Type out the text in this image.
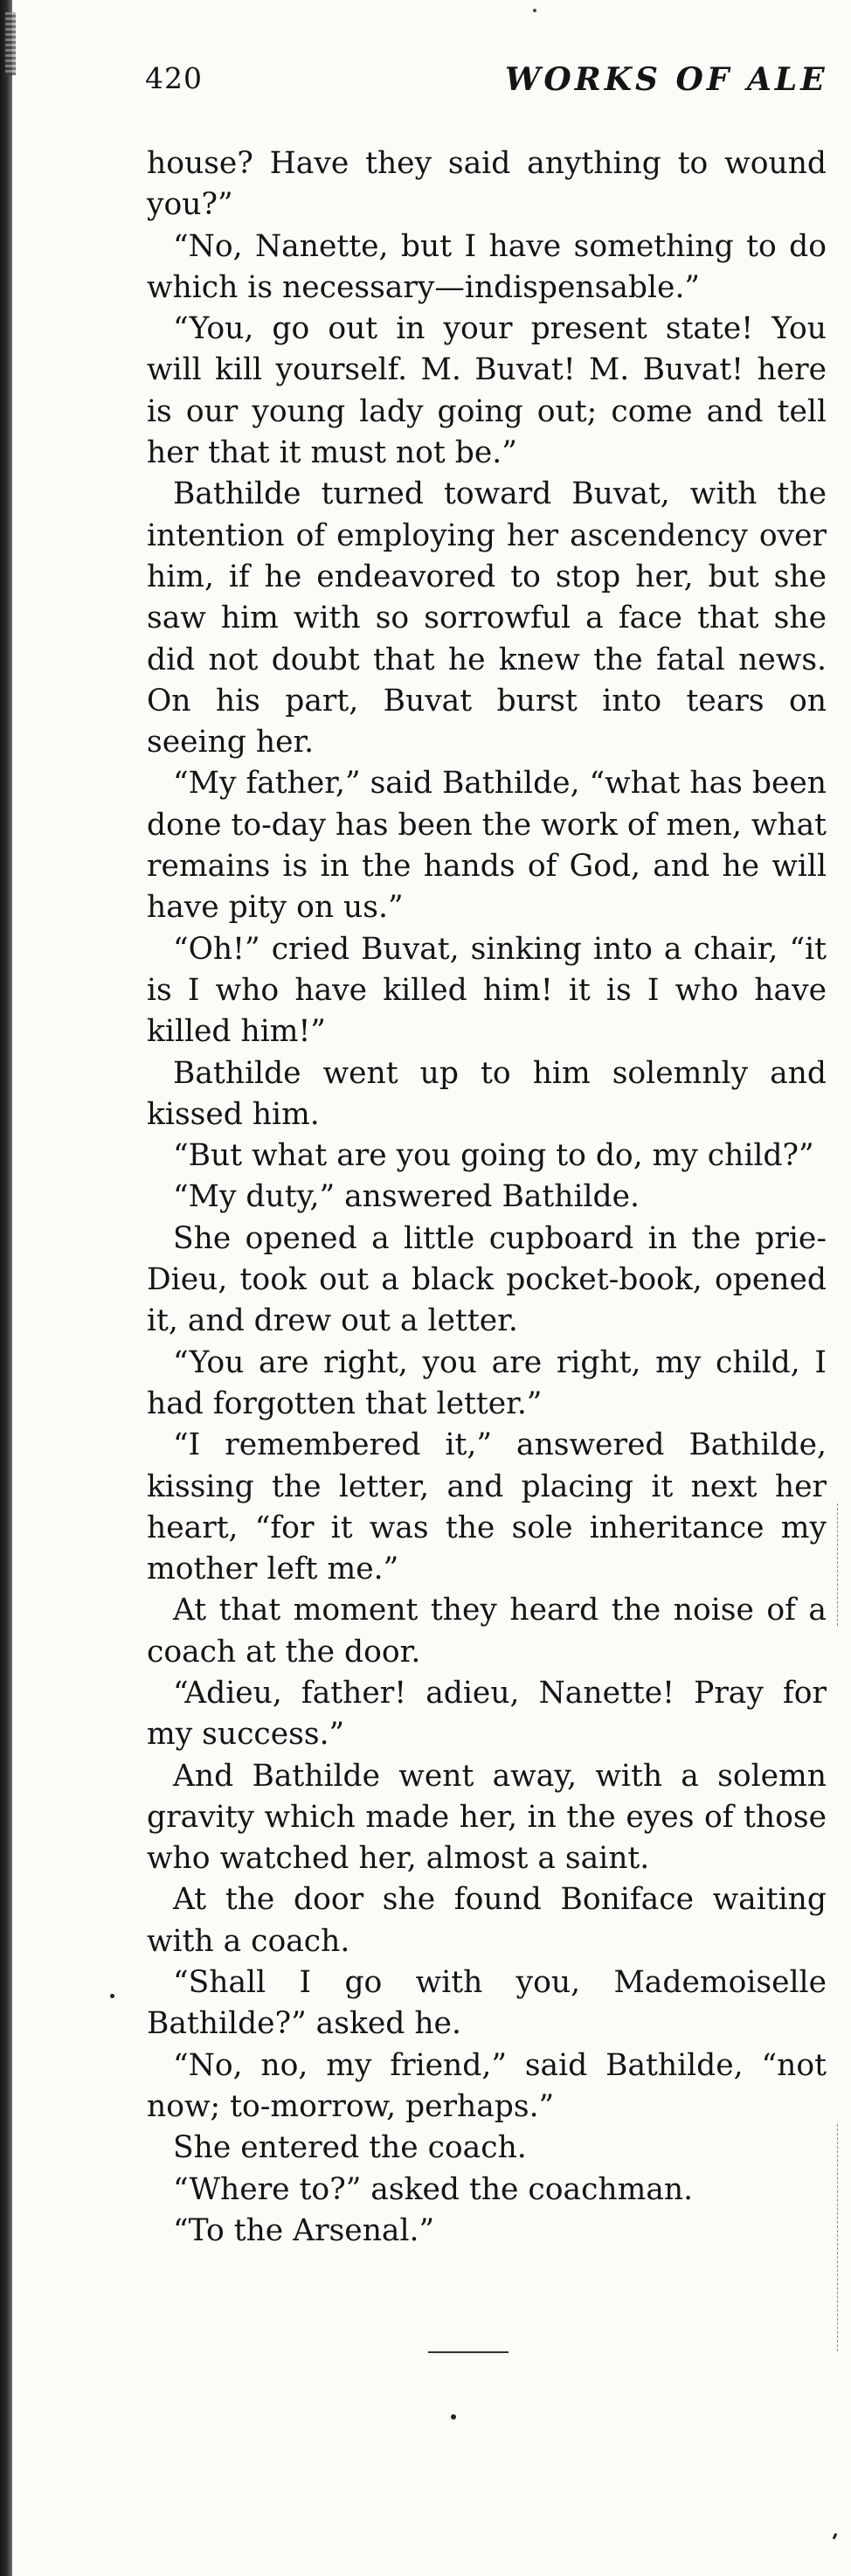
420	WORKS OF ALE

house? Have they said anything to wound you?”

“No, Nanette, but I have something to do which is necessary—indispensable.”

“You, go out in your present state! You will kill yourself. M. Buvat! M. Buvat! here is our young lady going out; come and tell her that it must not be.”

Bathilde turned toward Buvat, with the intention of employing her ascendency over him, if he endeavored to stop her, but she saw him with so sorrowful a face that she did not doubt that he knew the fatal news. On his part, Buvat burst into tears on seeing her.

“My father,” said Bathilde, “what has been done to-day has been the work of men, what remains is in the hands of God, and he will have pity on us.”

“Oh!” cried Buvat, sinking into a chair, “it is I who have killed him! it is I who have killed him!”

Bathilde went up to him solemnly and kissed him.

“But what are you going to do, my child?”

“My duty,” answered Bathilde.

She opened a little cupboard in the prie-Dieu, took out a black pocket-book, opened it, and drew out a letter.

“You are right, you are right, my child, I had forgotten that letter.”

“I remembered it,” answered Bathilde, kissing the letter, and placing it next her heart, “for it was the sole inheritance my mother left me.”

At that moment they heard the noise of a coach at the door.

“Adieu, father! adieu, Nanette! Pray for my success.”

And Bathilde went away, with a solemn gravity which made her, in the eyes of those who watched her, almost a saint.

At the door she found Boniface waiting with a coach.

“Shall I go with you, Mademoiselle Bathilde?” asked he.

“No, no, my friend,” said Bathilde, “not now; to-morrow, perhaps.”

She entered the coach.

“Where to?” asked the coachman.

“To the Arsenal.”
